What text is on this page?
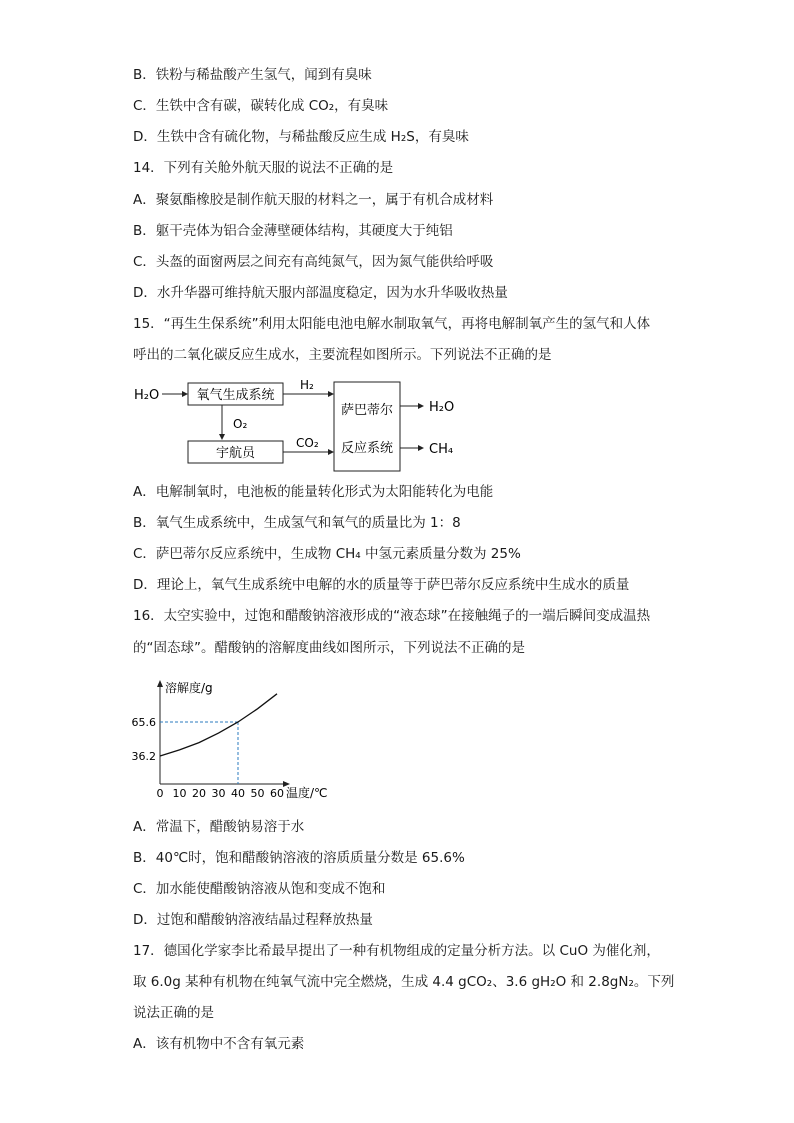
B．铁粉与稀盐酸产生氢气，闻到有臭味
C．生铁中含有碳，碳转化成 CO₂，有臭味
D．生铁中含有硫化物，与稀盐酸反应生成 H₂S，有臭味
14．下列有关舱外航天服的说法不正确的是
A．聚氨酯橡胶是制作航天服的材料之一，属于有机合成材料
B．躯干壳体为铝合金薄壁硬体结构，其硬度大于纯铝
C．头盔的面窗两层之间充有高纯氮气，因为氮气能供给呼吸
D．水升华器可维持航天服内部温度稳定，因为水升华吸收热量
15．“再生生保系统”利用太阳能电池电解水制取氧气，再将电解制氧产生的氢气和人体
呼出的二氧化碳反应生成水，主要流程如图所示。下列说法不正确的是
H₂O	氧气生成系统
H₂
O₂
宇航员
CO₂
萨巴蒂尔
反应系统
H₂O
CH₄
A．电解制氧时，电池板的能量转化形式为太阳能转化为电能
B．氧气生成系统中，生成氢气和氧气的质量比为 1：8
C．萨巴蒂尔反应系统中，生成物 CH₄ 中氢元素质量分数为 25%
D．理论上，氧气生成系统中电解的水的质量等于萨巴蒂尔反应系统中生成水的质量
16．太空实验中，过饱和醋酸钠溶液形成的“液态球”在接触绳子的一端后瞬间变成温热
的“固态球”。醋酸钠的溶解度曲线如图所示，下列说法不正确的是
0 10 20 30 40 50 60
36.2
65.6
溶解度/g
温度/℃
A．常温下，醋酸钠易溶于水
B．40℃时，饱和醋酸钠溶液的溶质质量分数是 65.6%
C．加水能使醋酸钠溶液从饱和变成不饱和
D．过饱和醋酸钠溶液结晶过程释放热量
17．德国化学家李比希最早提出了一种有机物组成的定量分析方法。以 CuO 为催化剂，
取 6.0g 某种有机物在纯氧气流中完全燃烧，生成 4.4 gCO₂、3.6 gH₂O 和 2.8gN₂。下列
说法正确的是
A．该有机物中不含有氧元素
